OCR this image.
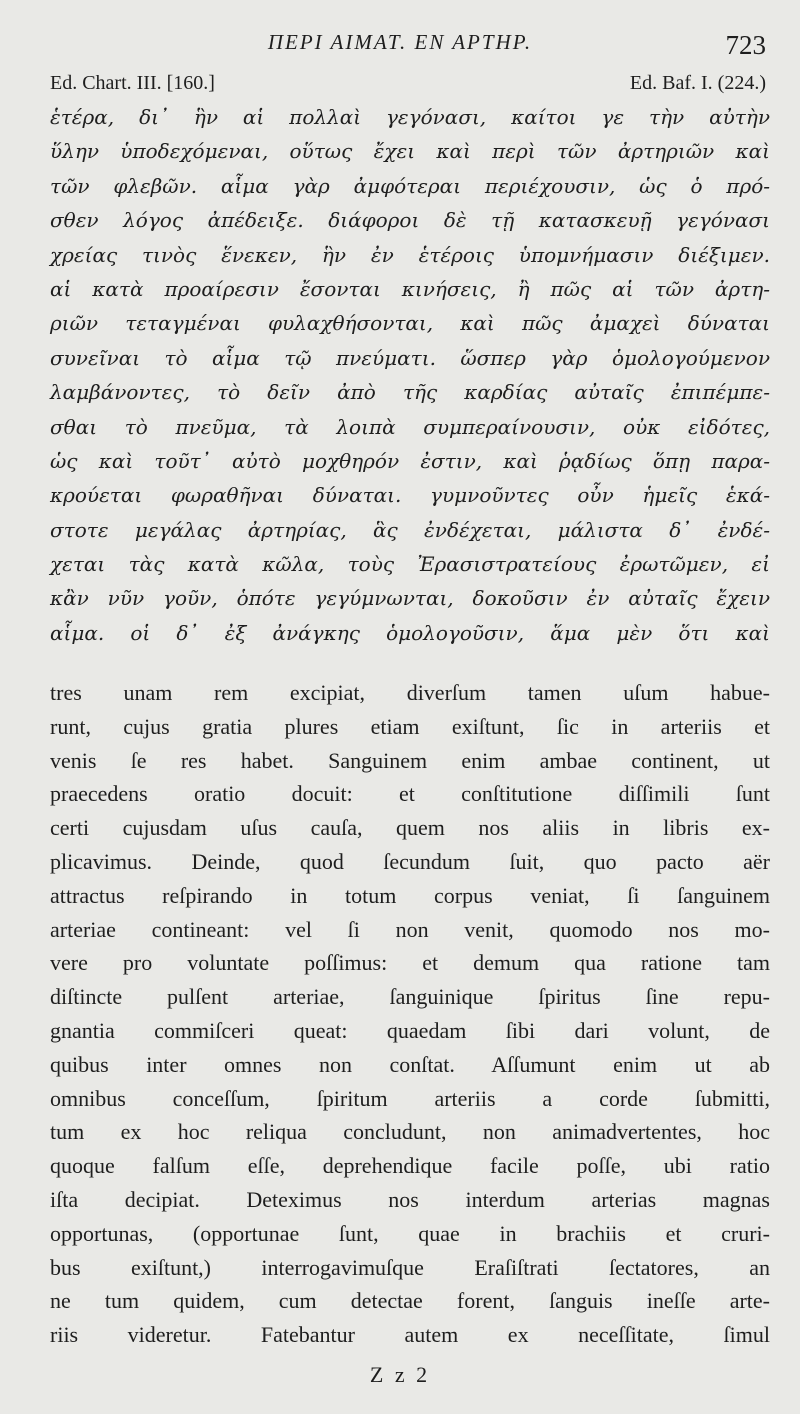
ΠΕΡΙ ΑΙΜΑΤ. ΕΝ ΑΡΤΗΡ.	723
Ed. Chart. III. [160.]	Ed. Baf. I. (224.)
ἑτέρα, δι᾽ ἣν αἱ πολλαὶ γεγόνασι, καίτοι γε τὴν αὐτὴν
ὕλην ὑποδεχόμεναι, οὕτως ἔχει καὶ περὶ τῶν ἀρτηριῶν καὶ
τῶν φλεβῶν. αἷμα γὰρ ἀμφότεραι περιέχουσιν, ὡς ὁ πρό-
σθεν λόγος ἀπέδειξε. διάφοροι δὲ τῇ κατασκευῇ γεγόνασι
χρείας τινὸς ἕνεκεν, ἣν ἐν ἑτέροις ὑπομνήμασιν διέξιμεν.
αἱ κατὰ προαίρεσιν ἔσονται κινήσεις, ἢ πῶς αἱ τῶν ἀρτη-
ριῶν τεταγμέναι φυλαχθήσονται, καὶ πῶς ἀμαχεὶ δύναται
συνεῖναι τὸ αἷμα τῷ πνεύματι. ὥσπερ γὰρ ὁμολογούμενον
λαμβάνοντες, τὸ δεῖν ἀπὸ τῆς καρδίας αὐταῖς ἐπιπέμπε-
σθαι τὸ πνεῦμα, τὰ λοιπὰ συμπεραίνουσιν, οὐκ εἰδότες,
ὡς καὶ τοῦτ᾽ αὐτὸ μοχθηρόν ἐστιν, καὶ ῥᾳδίως ὅπῃ παρα-
κρούεται φωραθῆναι δύναται. γυμνοῦντες οὖν ἡμεῖς ἑκά-
στοτε μεγάλας ἀρτηρίας, ἃς ἐνδέχεται, μάλιστα δ᾽ ἐνδέ-
χεται τὰς κατὰ κῶλα, τοὺς Ἐρασιστρατείους ἐρωτῶμεν, εἰ
κἂν νῦν γοῦν, ὁπότε γεγύμνωνται, δοκοῦσιν ἐν αὐταῖς ἔχειν
αἷμα. οἱ δ᾽ ἐξ ἀνάγκης ὁμολογοῦσιν, ἅμα μὲν ὅτι καὶ
tres unam rem excipiat, diverſum tamen uſum habue-
runt, cujus gratia plures etiam exiſtunt, ſic in arteriis et
venis ſe res habet. Sanguinem enim ambae continent, ut
praecedens oratio docuit: et conſtitutione diſſimili ſunt
certi cujusdam uſus cauſa, quem nos aliis in libris ex-
plicavimus. Deinde, quod ſecundum ſuit, quo pacto aër
attractus reſpirando in totum corpus veniat, ſi ſanguinem
arteriae contineant: vel ſi non venit, quomodo nos mo-
vere pro voluntate poſſimus: et demum qua ratione tam
diſtincte pulſent arteriae, ſanguinique ſpiritus ſine repu-
gnantia commiſceri queat: quaedam ſibi dari volunt, de
quibus inter omnes non conſtat. Aſſumunt enim ut ab
omnibus conceſſum, ſpiritum arteriis a corde ſubmitti,
tum ex hoc reliqua concludunt, non animadvertentes, hoc
quoque falſum eſſe, deprehendique facile poſſe, ubi ratio
iſta decipiat. Deteximus nos interdum arterias magnas
opportunas, (opportunae ſunt, quae in brachiis et cruri-
bus exiſtunt,) interrogavimuſque Eraſiſtrati ſectatores, an
ne tum quidem, cum detectae forent, ſanguis ineſſe arte-
riis videretur. Fatebantur autem ex neceſſitate, ſimul
Z z 2
